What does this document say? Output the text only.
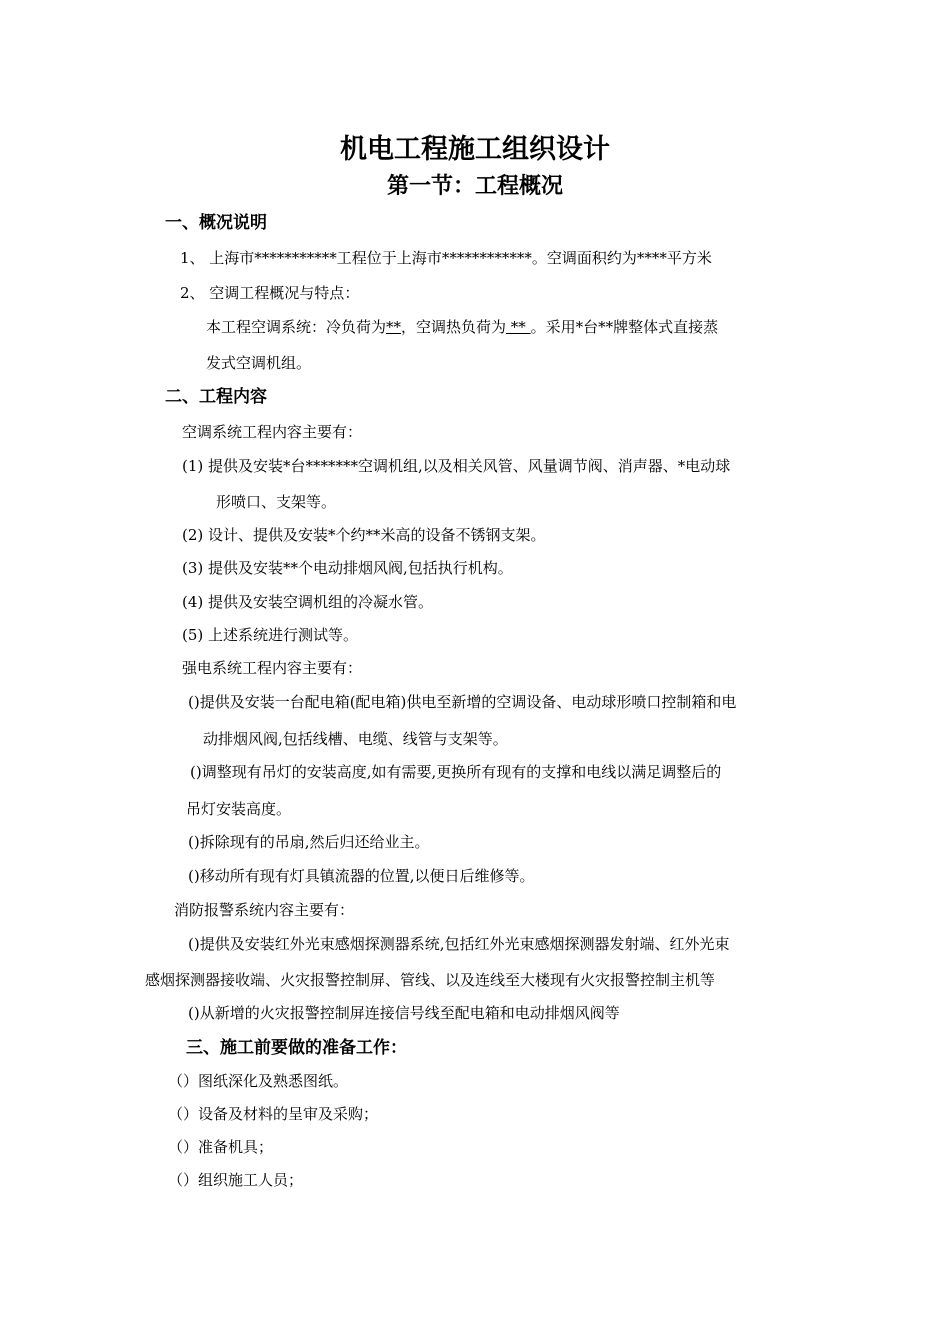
机电工程施工组织设计
第一节：工程概况
一、概况说明
1、 上海市***********工程位于上海市************。空调面积约为****平方米
2、 空调工程概况与特点：
本工程空调系统：冷负荷为**，空调热负荷为 ** 。采用*台**牌整体式直接蒸
发式空调机组。
二、工程内容
空调系统工程内容主要有：
(1) 提供及安装*台*******空调机组,以及相关风管、风量调节阀、消声器、*电动球
形喷口、支架等。
(2) 设计、提供及安装*个约**米高的设备不锈钢支架。
(3) 提供及安装**个电动排烟风阀,包括执行机构。
(4) 提供及安装空调机组的冷凝水管。
(5) 上述系统进行测试等。
强电系统工程内容主要有：
()提供及安装一台配电箱(配电箱)供电至新增的空调设备、电动球形喷口控制箱和电
动排烟风阀,包括线槽、电缆、线管与支架等。
()调整现有吊灯的安装高度,如有需要,更换所有现有的支撑和电线以满足调整后的
吊灯安装高度。
()拆除现有的吊扇,然后归还给业主。
()移动所有现有灯具镇流器的位置,以便日后维修等。
消防报警系统内容主要有：
()提供及安装红外光束感烟探测器系统,包括红外光束感烟探测器发射端、红外光束
感烟探测器接收端、火灾报警控制屏、管线、以及连线至大楼现有火灾报警控制主机等
()从新增的火灾报警控制屏连接信号线至配电箱和电动排烟风阀等
三、施工前要做的准备工作：
（）图纸深化及熟悉图纸。
（）设备及材料的呈审及采购；
（）准备机具；
（）组织施工人员；
